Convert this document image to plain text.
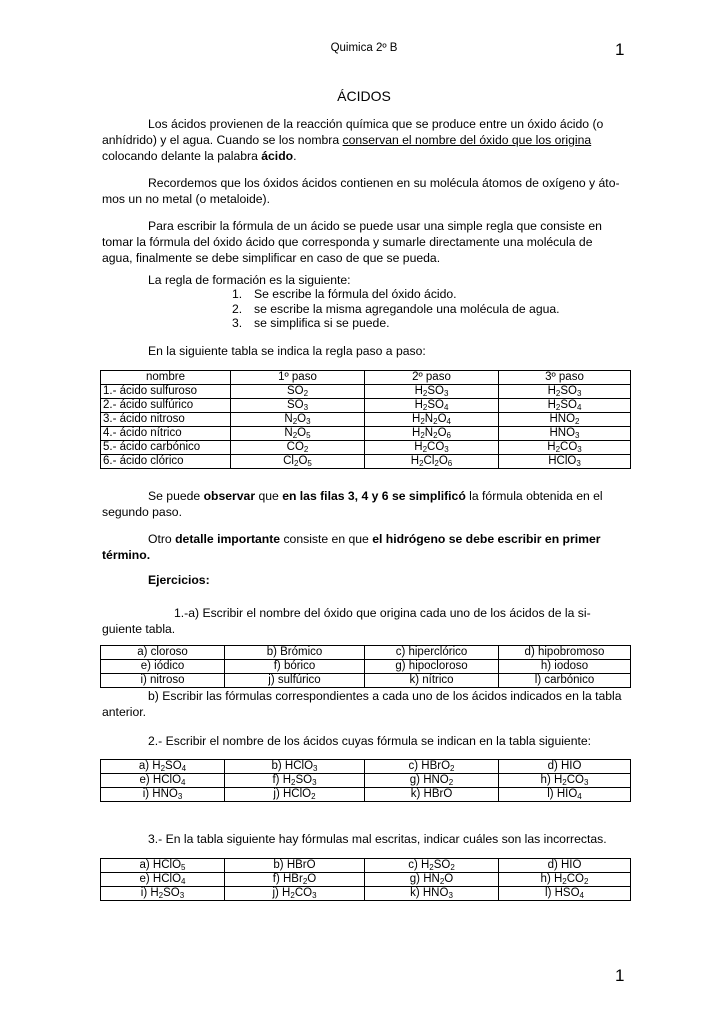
Quimica 2º B	1
ÁCIDOS
Los ácidos provienen de la reacción química que se produce entre un óxido ácido (o anhídrido) y el agua. Cuando se los nombra conservan el nombre del óxido que los origina colocando delante la palabra ácido.
Recordemos que los óxidos ácidos contienen en su molécula átomos de oxígeno y áto-mos un no metal (o metaloide).
Para escribir la fórmula de un ácido se puede usar una simple regla que consiste en tomar la fórmula del óxido ácido que corresponda y sumarle directamente una molécula de agua, finalmente se debe simplificar en caso de que se pueda.
La regla de formación es la siguiente:
1. Se escribe la fórmula del óxido ácido.
2. se escribe la misma agregandole una molécula de agua.
3. se simplifica si se puede.
En la siguiente tabla se indica la regla paso a paso:
nombre	1º paso	2º paso	3º paso
1.- ácido sulfuroso	$SO_2$	$H_2SO_3$	$H_2SO_3$
2.- ácido sulfúrico	$SO_3$	$H_2SO_4$	$H_2SO_4$
3.- ácido nitroso	$N_2O_3$	$H_2N_2O_4$	$HNO_2$
4.- ácido nítrico	$N_2O_5$	$H_2N_2O_6$	$HNO_3$
5.- ácido carbónico	$CO_2$	$H_2CO_3$	$H_2CO_3$
6.- ácido clórico	$Cl_2O_5$	$H_2Cl_2O_6$	HClO$_3$
Se puede observar que en las filas 3, 4 y 6 se simplificó la fórmula obtenida en el segundo paso.
Otro detalle importante consiste en que el hidrógeno se debe escribir en primer término.
Ejercicios:
1.-a) Escribir el nombre del óxido que origina cada uno de los ácidos de la si-guiente tabla.
a) cloroso	b) Brómico	c) hiperclórico	d) hipobromoso
e) iódico	f) bórico	g) hipocloroso	h) iodoso
i) nitroso	j) sulfúrico	k) nítrico	l) carbónico
b) Escribir las fórmulas correspondientes a cada uno de los ácidos indicados en la tabla anterior.
2.- Escribir el nombre de los ácidos cuyas fórmula se indican en la tabla siguiente:
a) $H_2SO_4$	b) HClO$_3$	c) HBrO$_2$	d) HIO
e) HClO$_4$	f) $H_2SO_3$	g) $HNO_2$	h) $H_2CO_3$
i) $HNO_3$	j) HClO$_2$	k) HBrO	l) $HIO_4$
3.- En la tabla siguiente hay fórmulas mal escritas, indicar cuáles son las incorrectas.
a) HClO$_5$	b) HBrO	c) $H_2SO_2$	d) HIO
e) HClO$_4$	f) HBr$_2$O	g) $HN_2O$	h) $H_2CO_2$
i) $H_2SO_3$	j) $H_2CO_3$	k) $HNO_3$	l) $HSO_4$
1
